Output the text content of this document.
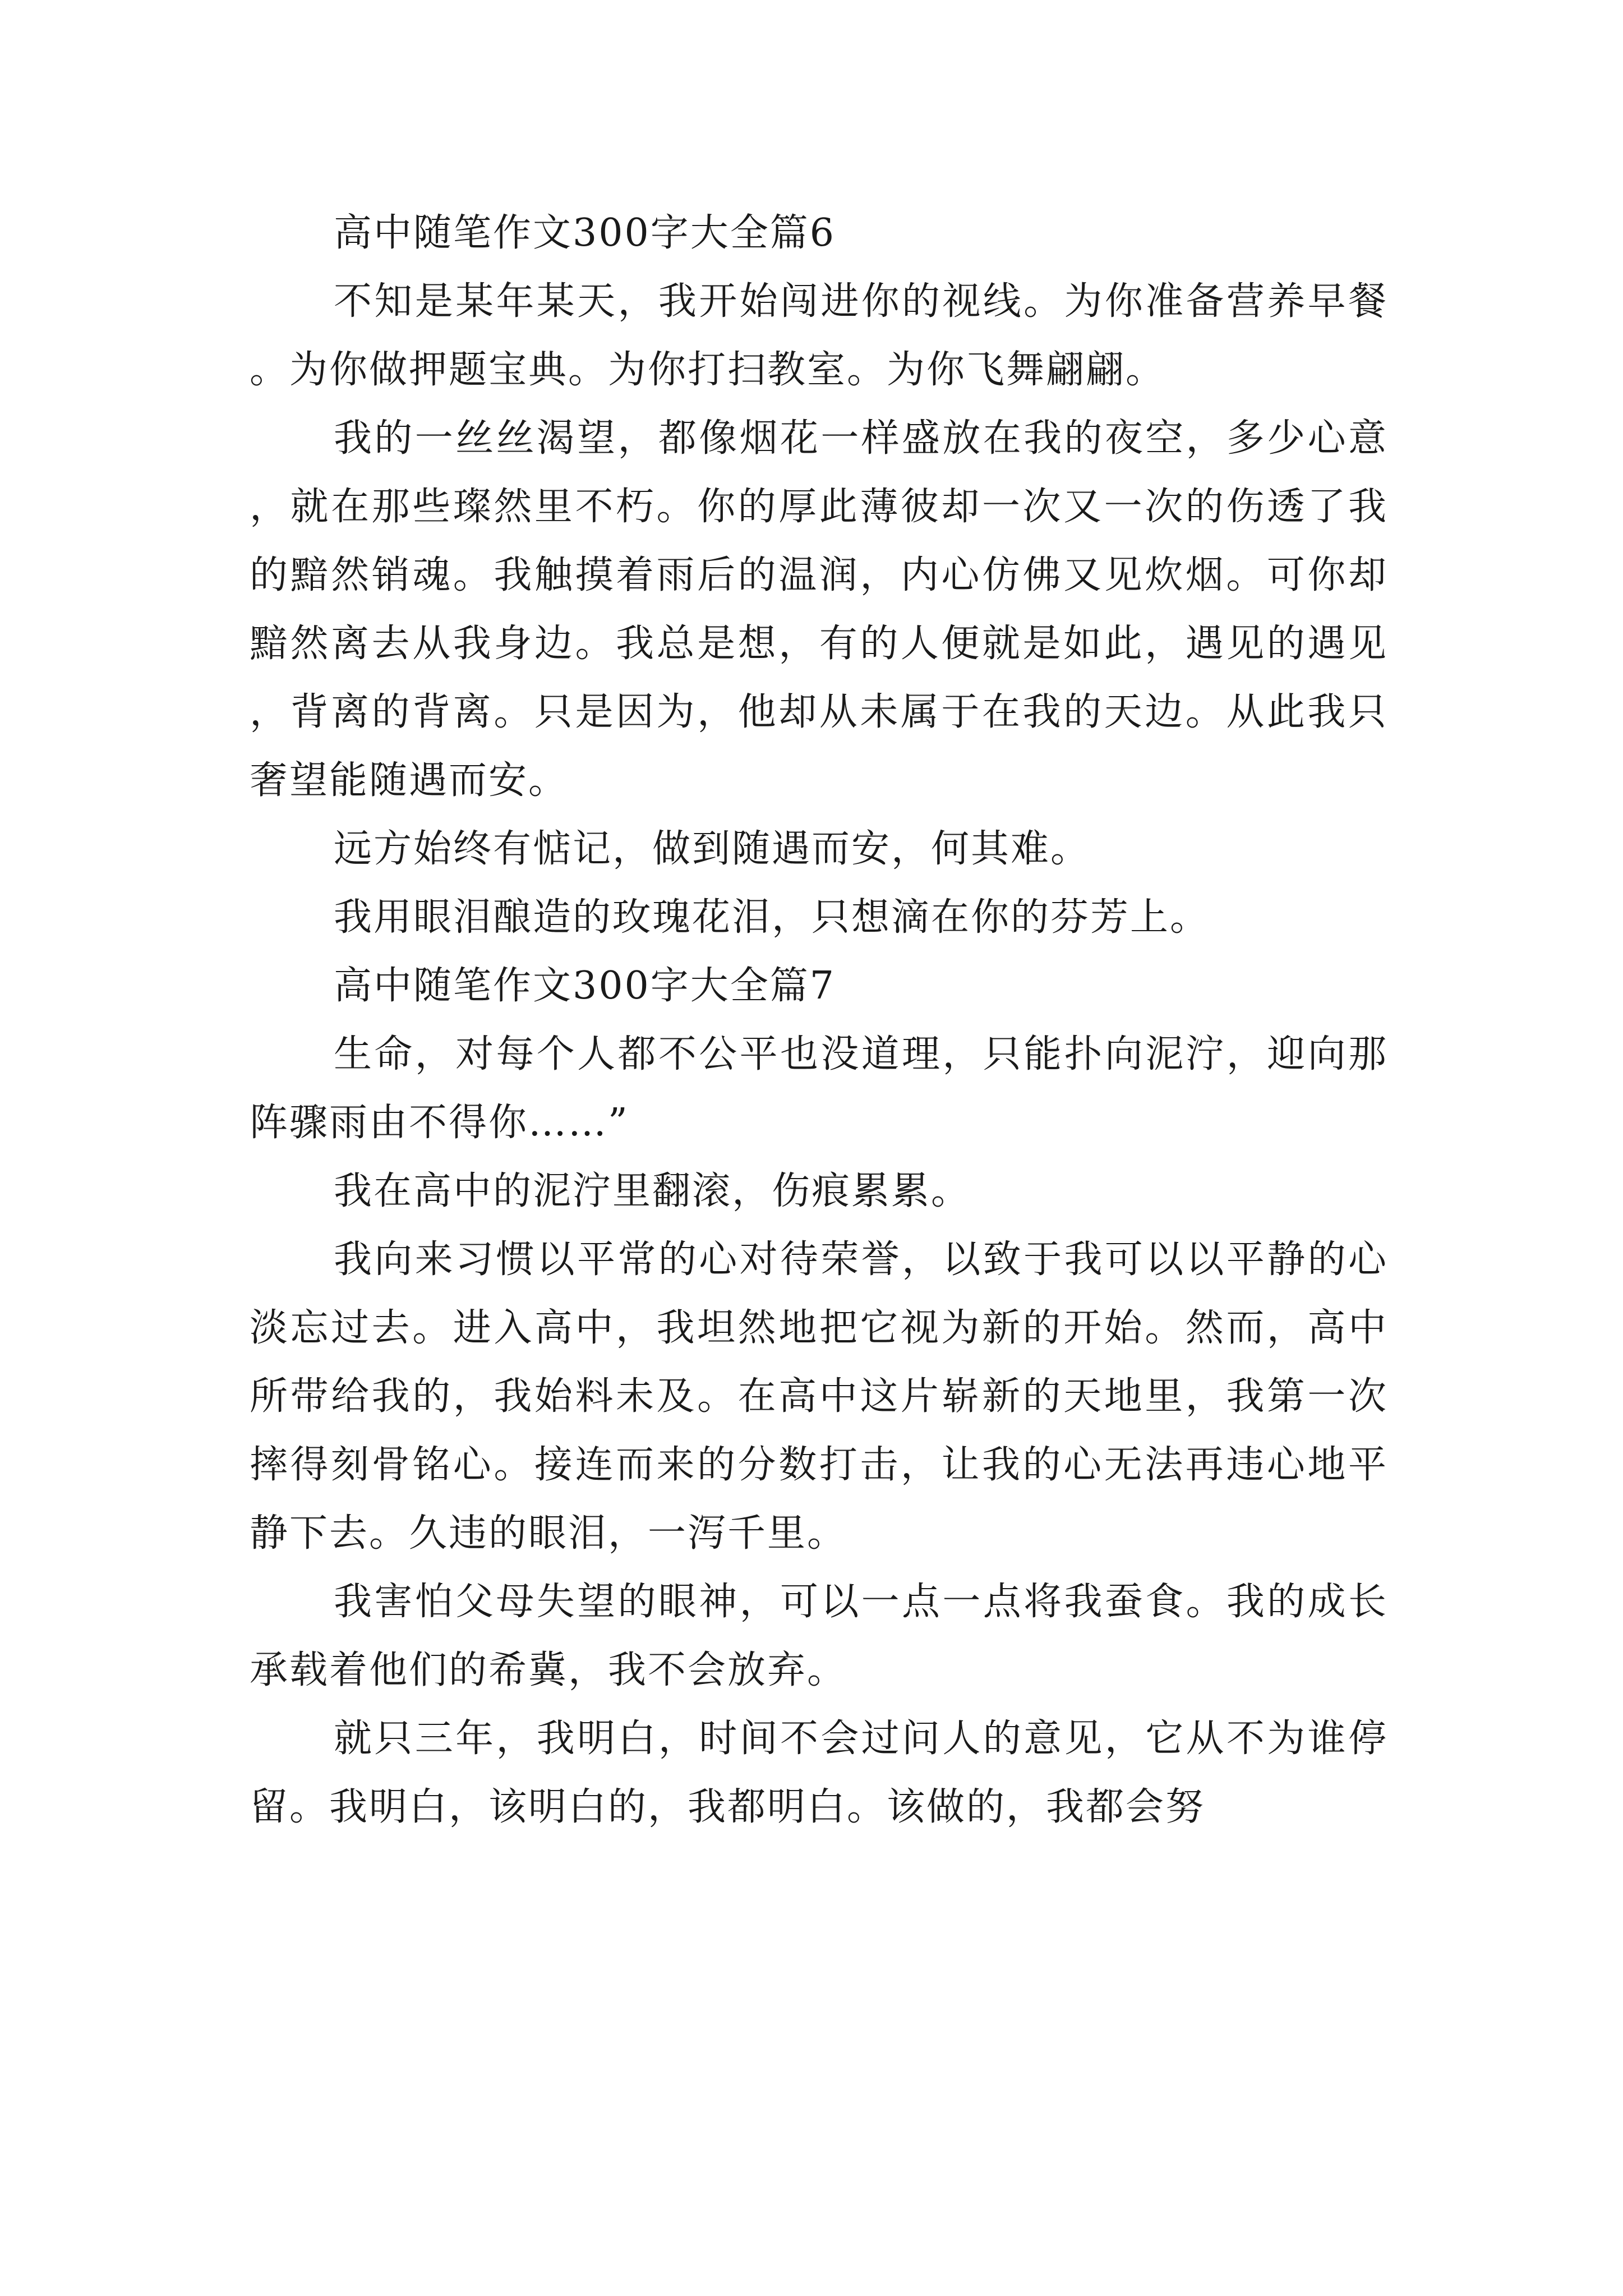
高中随笔作文300字大全篇6

不知是某年某天，我开始闯进你的视线。为你准备营养早餐。为你做押题宝典。为你打扫教室。为你飞舞翩翩。

我的一丝丝渴望，都像烟花一样盛放在我的夜空，多少心意，就在那些璨然里不朽。你的厚此薄彼却一次又一次的伤透了我的黯然销魂。我触摸着雨后的温润，内心仿佛又见炊烟。可你却黯然离去从我身边。我总是想，有的人便就是如此，遇见的遇见，背离的背离。只是因为，他却从未属于在我的天边。从此我只奢望能随遇而安。

远方始终有惦记，做到随遇而安，何其难。

我用眼泪酿造的玫瑰花泪，只想滴在你的芬芳上。

高中随笔作文300字大全篇7

生命，对每个人都不公平也没道理，只能扑向泥泞，迎向那阵骤雨由不得你……”

我在高中的泥泞里翻滚，伤痕累累。

我向来习惯以平常的心对待荣誉，以致于我可以以平静的心淡忘过去。进入高中，我坦然地把它视为新的开始。然而，高中所带给我的，我始料未及。在高中这片崭新的天地里，我第一次摔得刻骨铭心。接连而来的分数打击，让我的心无法再违心地平静下去。久违的眼泪，一泻千里。

我害怕父母失望的眼神，可以一点一点将我蚕食。我的成长承载着他们的希冀，我不会放弃。

就只三年，我明白，时间不会过问人的意见，它从不为谁停留。我明白，该明白的，我都明白。该做的，我都会努
